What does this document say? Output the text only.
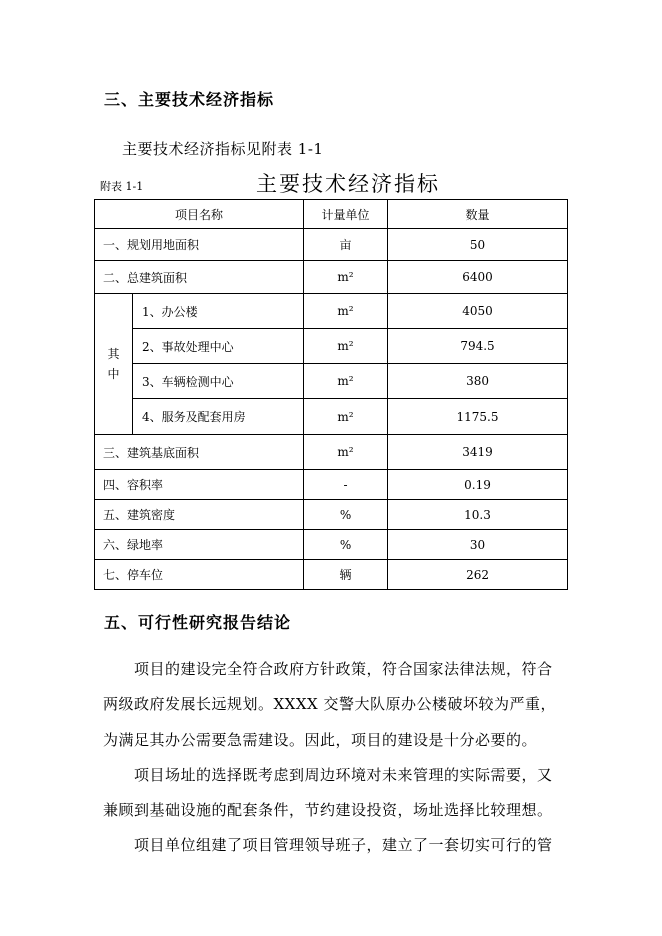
三、主要技术经济指标
主要技术经济指标见附表 1-1
附表 1-1	主要技术经济指标
项目名称		计量单位	数量
一、规划用地面积		亩	50
二、总建筑面积		m²	6400

其中	1、办公楼	m²	4050
	2、事故处理中心	m²	794.5
	3、车辆检测中心	m²	380
	4、服务及配套用房	m²	1175.5
三、建筑基底面积		m²	3419
四、容积率		-	0.19
五、建筑密度		%	10.3
六、绿地率		%	30
七、停车位		辆	262
五、可行性研究报告结论
项目的建设完全符合政府方针政策，符合国家法律法规，符合
两级政府发展长远规划。XXXX 交警大队原办公楼破坏较为严重，
为满足其办公需要急需建设。因此，项目的建设是十分必要的。
项目场址的选择既考虑到周边环境对未来管理的实际需要，又
兼顾到基础设施的配套条件，节约建设投资，场址选择比较理想。
项目单位组建了项目管理领导班子，建立了一套切实可行的管
